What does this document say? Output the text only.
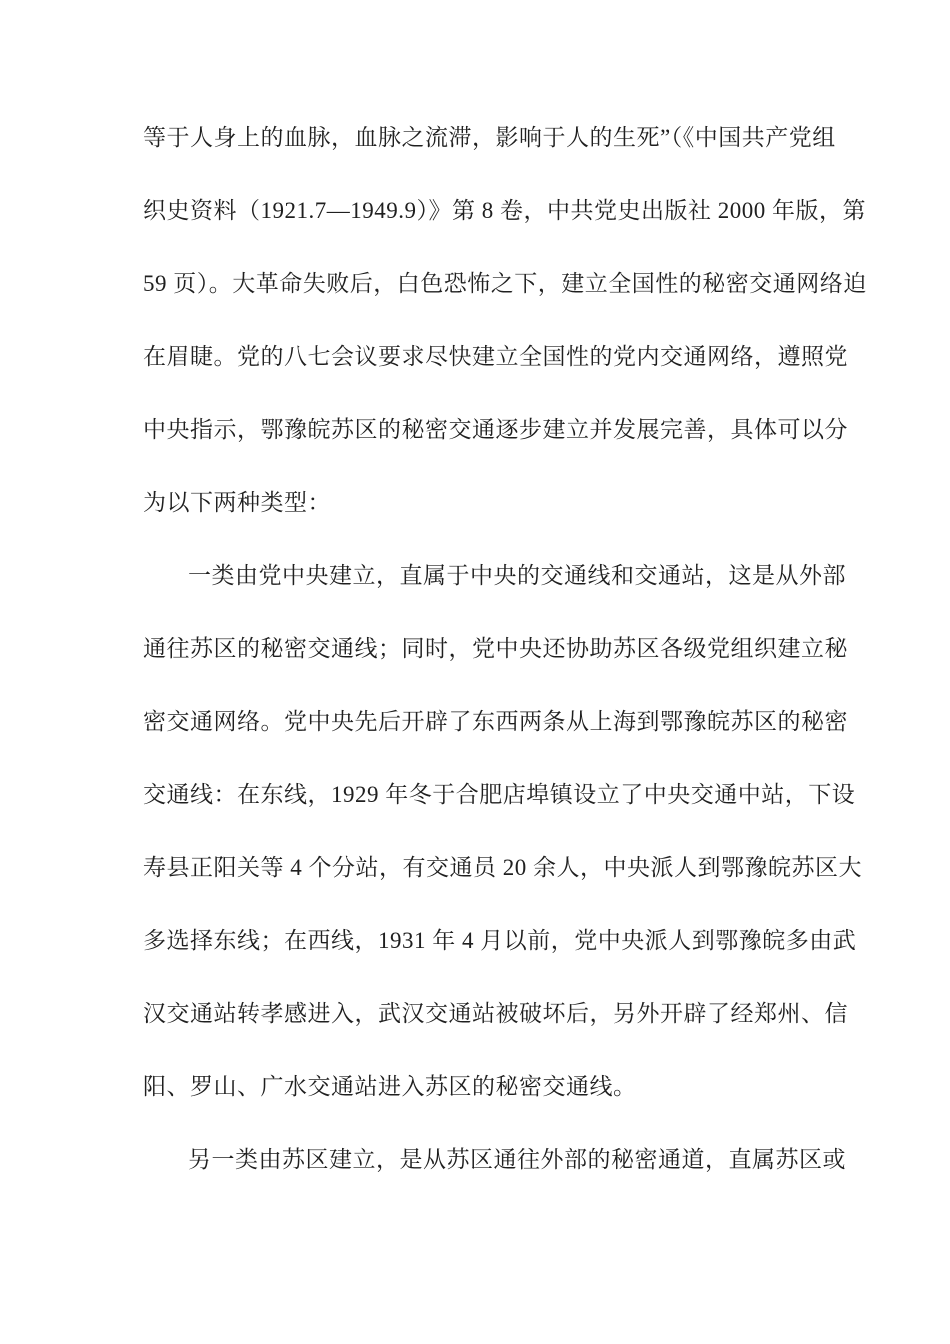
等于人身上的血脉，血脉之流滞，影响于人的生死”（《中国共产党组
织史资料（1921.7—1949.9）》第 8 卷，中共党史出版社 2000 年版，第
59 页）。大革命失败后，白色恐怖之下，建立全国性的秘密交通网络迫
在眉睫。党的八七会议要求尽快建立全国性的党内交通网络，遵照党
中央指示，鄂豫皖苏区的秘密交通逐步建立并发展完善，具体可以分
为以下两种类型：
一类由党中央建立，直属于中央的交通线和交通站，这是从外部
通往苏区的秘密交通线；同时，党中央还协助苏区各级党组织建立秘
密交通网络。党中央先后开辟了东西两条从上海到鄂豫皖苏区的秘密
交通线：在东线，1929 年冬于合肥店埠镇设立了中央交通中站，下设
寿县正阳关等 4 个分站，有交通员 20 余人，中央派人到鄂豫皖苏区大
多选择东线；在西线，1931 年 4 月以前，党中央派人到鄂豫皖多由武
汉交通站转孝感进入，武汉交通站被破坏后，另外开辟了经郑州、信
阳、罗山、广水交通站进入苏区的秘密交通线。
另一类由苏区建立，是从苏区通往外部的秘密通道，直属苏区或
